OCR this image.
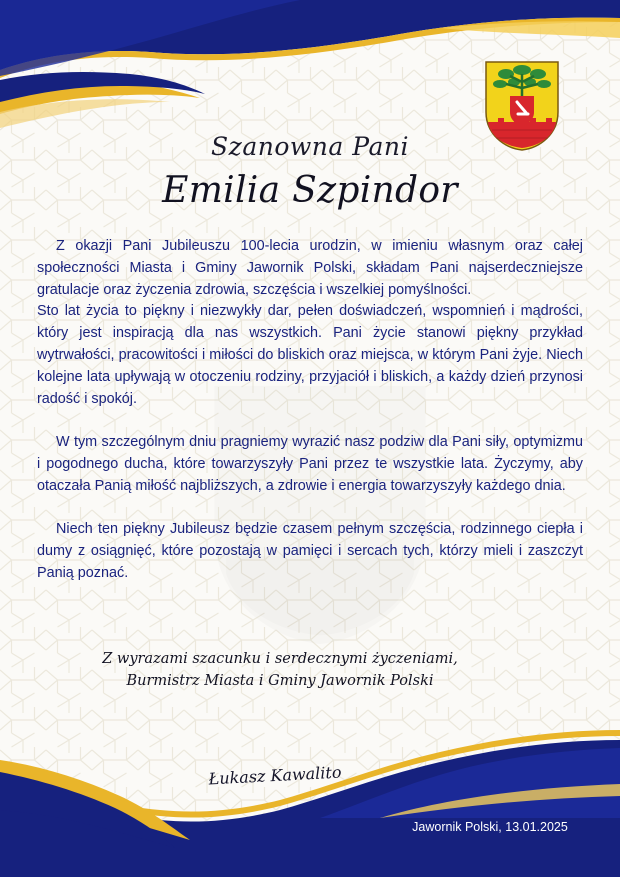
Szanowna Pani
Emilia Szpindor

Z okazji Pani Jubileuszu 100-lecia urodzin, w imieniu własnym oraz całej społeczności Miasta i Gminy Jawornik Polski, składam Pani najserdeczniejsze gratulacje oraz życzenia zdrowia, szczęścia i wszelkiej pomyślności.

Sto lat życia to piękny i niezwykły dar, pełen doświadczeń, wspomnień i mądrości, który jest inspiracją dla nas wszystkich. Pani życie stanowi piękny przykład wytrwałości, pracowitości i miłości do bliskich oraz miejsca, w którym Pani żyje. Niech kolejne lata upływają w otoczeniu rodziny, przyjaciół i bliskich, a każdy dzień przynosi radość i spokój.

W tym szczególnym dniu pragniemy wyrazić nasz podziw dla Pani siły, optymizmu i pogodnego ducha, które towarzyszyły Pani przez te wszystkie lata. Życzymy, aby otaczała Panią miłość najbliższych, a zdrowie i energia towarzyszyły każdego dnia.

Niech ten piękny Jubileusz będzie czasem pełnym szczęścia, rodzinnego ciepła i dumy z osiągnięć, które pozostają w pamięci i sercach tych, którzy mieli i zaszczyt Panią poznać.

Z wyrazami szacunku i serdecznymi życzeniami,
Burmistrz Miasta i Gminy Jawornik Polski
Łukasz Kawalito
Jawornik Polski, 13.01.2025
